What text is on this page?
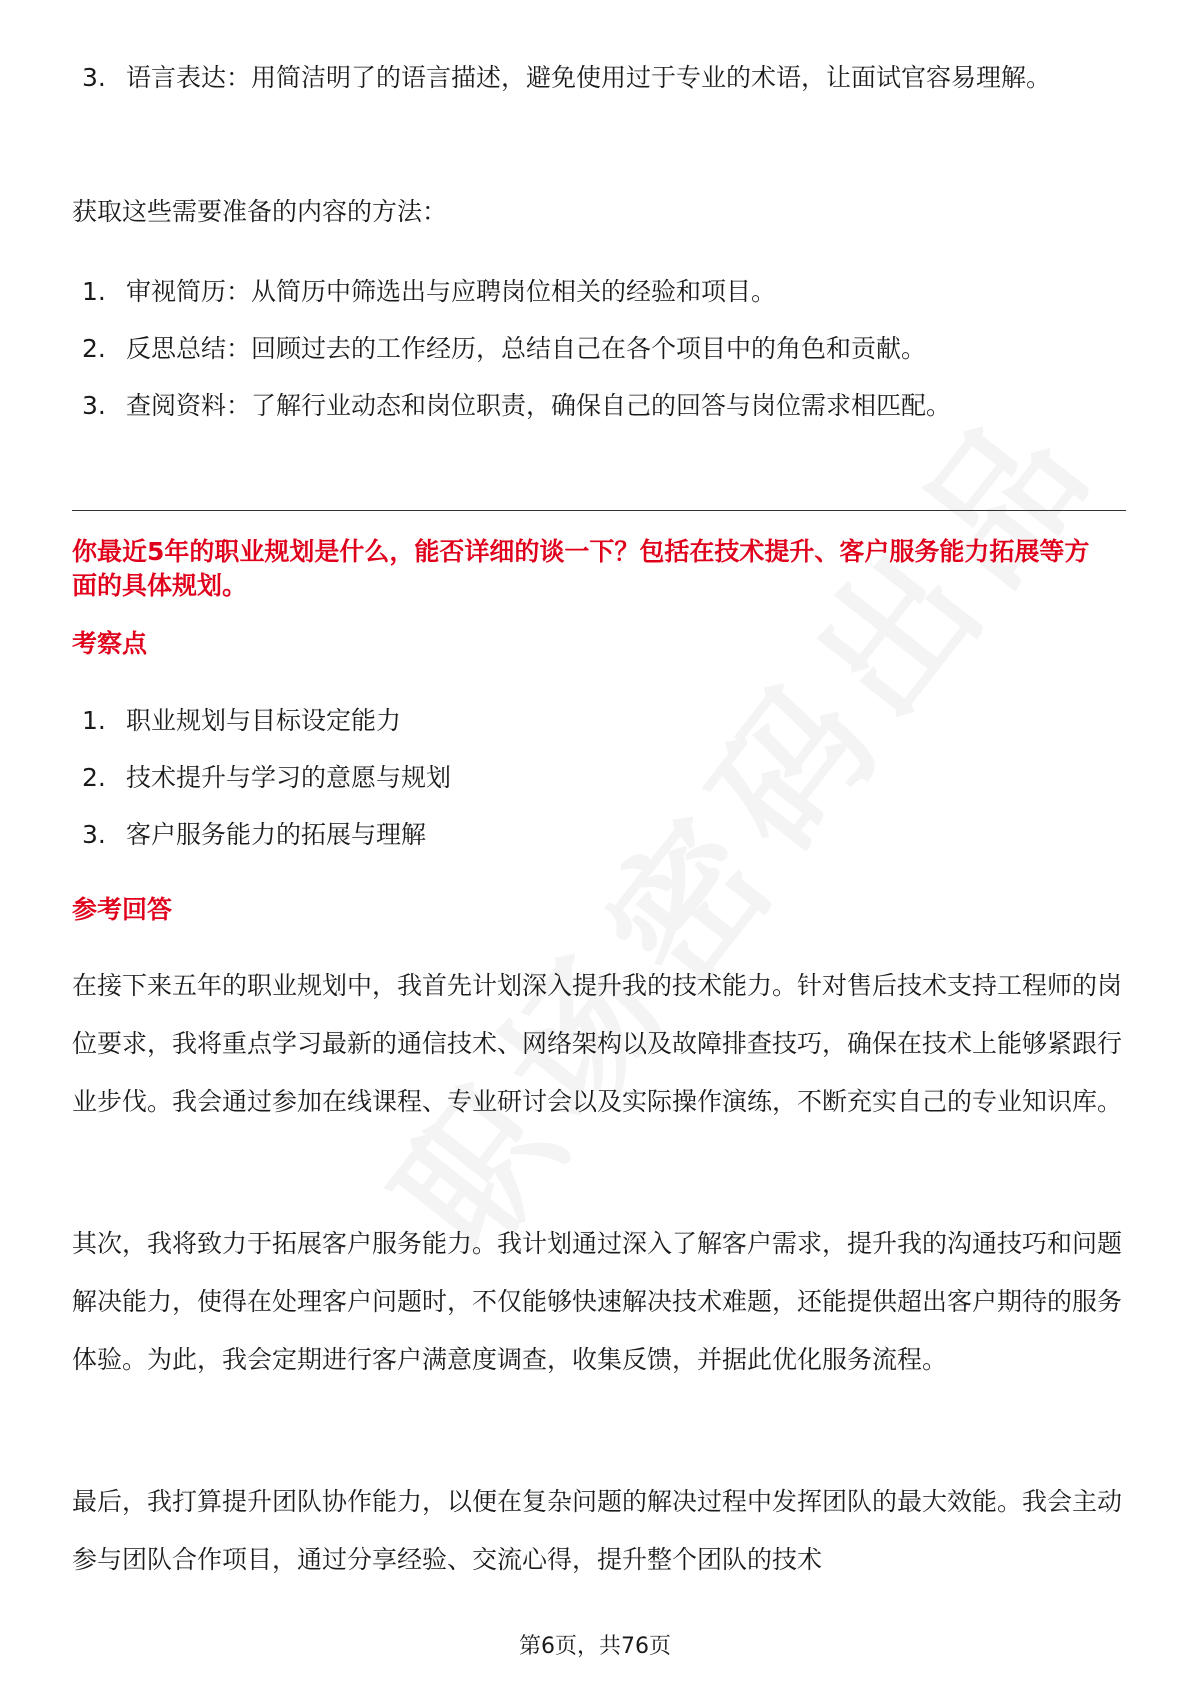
3. 语言表达：用简洁明了的语言描述，避免使用过于专业的术语，让面试官容易理解。
获取这些需要准备的内容的方法：
1. 审视简历：从简历中筛选出与应聘岗位相关的经验和项目。
2. 反思总结：回顾过去的工作经历，总结自己在各个项目中的角色和贡献。
3. 查阅资料：了解行业动态和岗位职责，确保自己的回答与岗位需求相匹配。
你最近5年的职业规划是什么，能否详细的谈一下？包括在技术提升、客户服务能力拓展等方面的具体规划。
考察点
1. 职业规划与目标设定能力
2. 技术提升与学习的意愿与规划
3. 客户服务能力的拓展与理解
参考回答
在接下来五年的职业规划中，我首先计划深入提升我的技术能力。针对售后技术支持工程师的岗位要求，我将重点学习最新的通信技术、网络架构以及故障排查技巧，确保在技术上能够紧跟行业步伐。我会通过参加在线课程、专业研讨会以及实际操作演练，不断充实自己的专业知识库。
其次，我将致力于拓展客户服务能力。我计划通过深入了解客户需求，提升我的沟通技巧和问题解决能力，使得在处理客户问题时，不仅能够快速解决技术难题，还能提供超出客户期待的服务体验。为此，我会定期进行客户满意度调查，收集反馈，并据此优化服务流程。
最后，我打算提升团队协作能力，以便在复杂问题的解决过程中发挥团队的最大效能。我会主动参与团队合作项目，通过分享经验、交流心得，提升整个团队的技术
第6页，共76页
